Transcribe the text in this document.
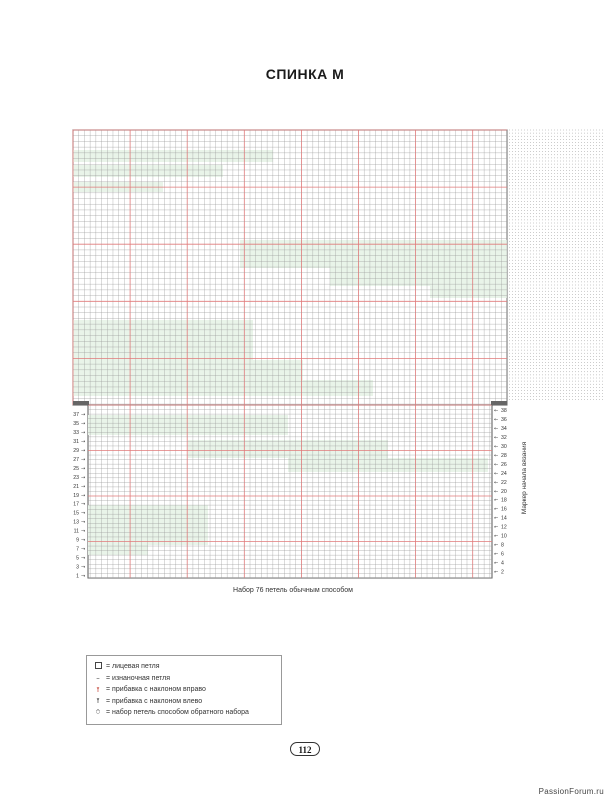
СПИНКА М
37 →
35 →
33 →
31 →
29 →
27 →
25 →
23 →
21 →
19 →
17 →
15 →
13 →
11 →
9 →
7 →
5 →
3 →
1 →
← 38
← 36
← 34
← 32
← 30
← 28
← 26
← 24
← 22
← 20
← 18
← 16
← 14
← 12
← 10
← 8
← 6
← 4
← 2
Набор 76 петель обычным способом
Маркер начала вязания
= лицевая петля
– = изнаночная петля
ߌ = прибавка с наклоном вправо
ߌ = прибавка с наклоном влево
⍥ = набор петель способом обратного набора
112
PassionForum.ru
